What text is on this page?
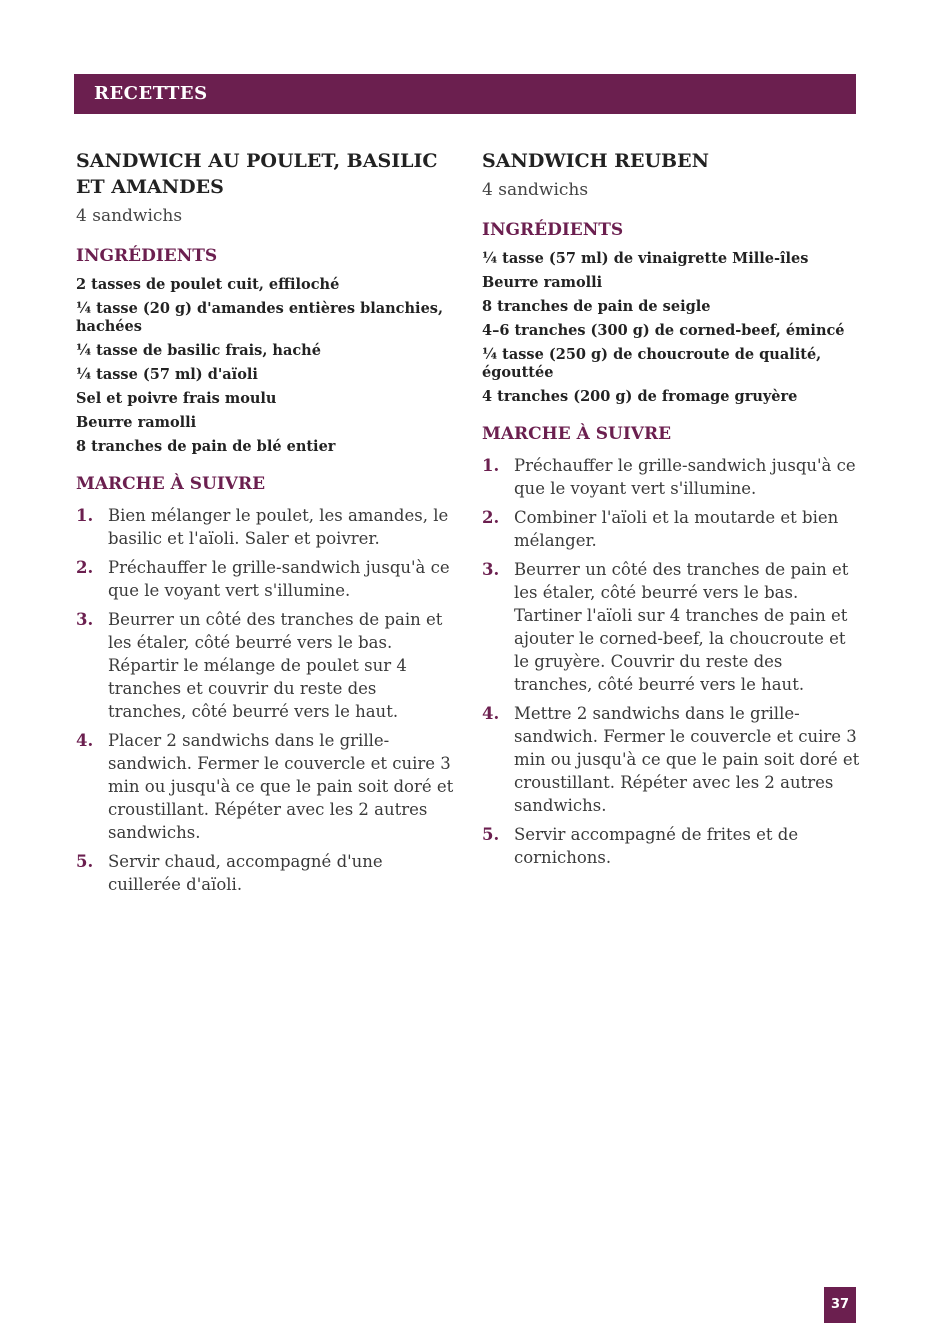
RECETTES
SANDWICH AU POULET, BASILIC ET AMANDES

4 sandwichs

INGRÉDIENTS
2 tasses de poulet cuit, effiloché
¼ tasse (20 g) d'amandes entières blanchies, hachées
¼ tasse de basilic frais, haché
¼ tasse (57 ml) d'aïoli
Sel et poivre frais moulu
Beurre ramolli
8 tranches de pain de blé entier
MARCHE À SUIVRE
1. Bien mélanger le poulet, les amandes, le basilic et l'aïoli. Saler et poivrer.
2. Préchauffer le grille-sandwich jusqu'à ce que le voyant vert s'illumine.
3. Beurrer un côté des tranches de pain et les étaler, côté beurré vers le bas. Répartir le mélange de poulet sur 4 tranches et couvrir du reste des tranches, côté beurré vers le haut.
4. Placer 2 sandwichs dans le grille-sandwich. Fermer le couvercle et cuire 3 min ou jusqu'à ce que le pain soit doré et croustillant. Répéter avec les 2 autres sandwichs.
5. Servir chaud, accompagné d'une cuillerée d'aïoli.
SANDWICH REUBEN

4 sandwichs

INGRÉDIENTS
¼ tasse (57 ml) de vinaigrette Mille-îles
Beurre ramolli
8 tranches de pain de seigle
4–6 tranches (300 g) de corned-beef, émincé
¼ tasse (250 g) de choucroute de qualité, égouttée
4 tranches (200 g) de fromage gruyère
MARCHE À SUIVRE
1. Préchauffer le grille-sandwich jusqu'à ce que le voyant vert s'illumine.
2. Combiner l'aïoli et la moutarde et bien mélanger.
3. Beurrer un côté des tranches de pain et les étaler, côté beurré vers le bas. Tartiner l'aïoli sur 4 tranches de pain et ajouter le corned-beef, la choucroute et le gruyère. Couvrir du reste des tranches, côté beurré vers le haut.
4. Mettre 2 sandwichs dans le grille-sandwich. Fermer le couvercle et cuire 3 min ou jusqu'à ce que le pain soit doré et croustillant. Répéter avec les 2 autres sandwichs.
5. Servir accompagné de frites et de cornichons.
37
